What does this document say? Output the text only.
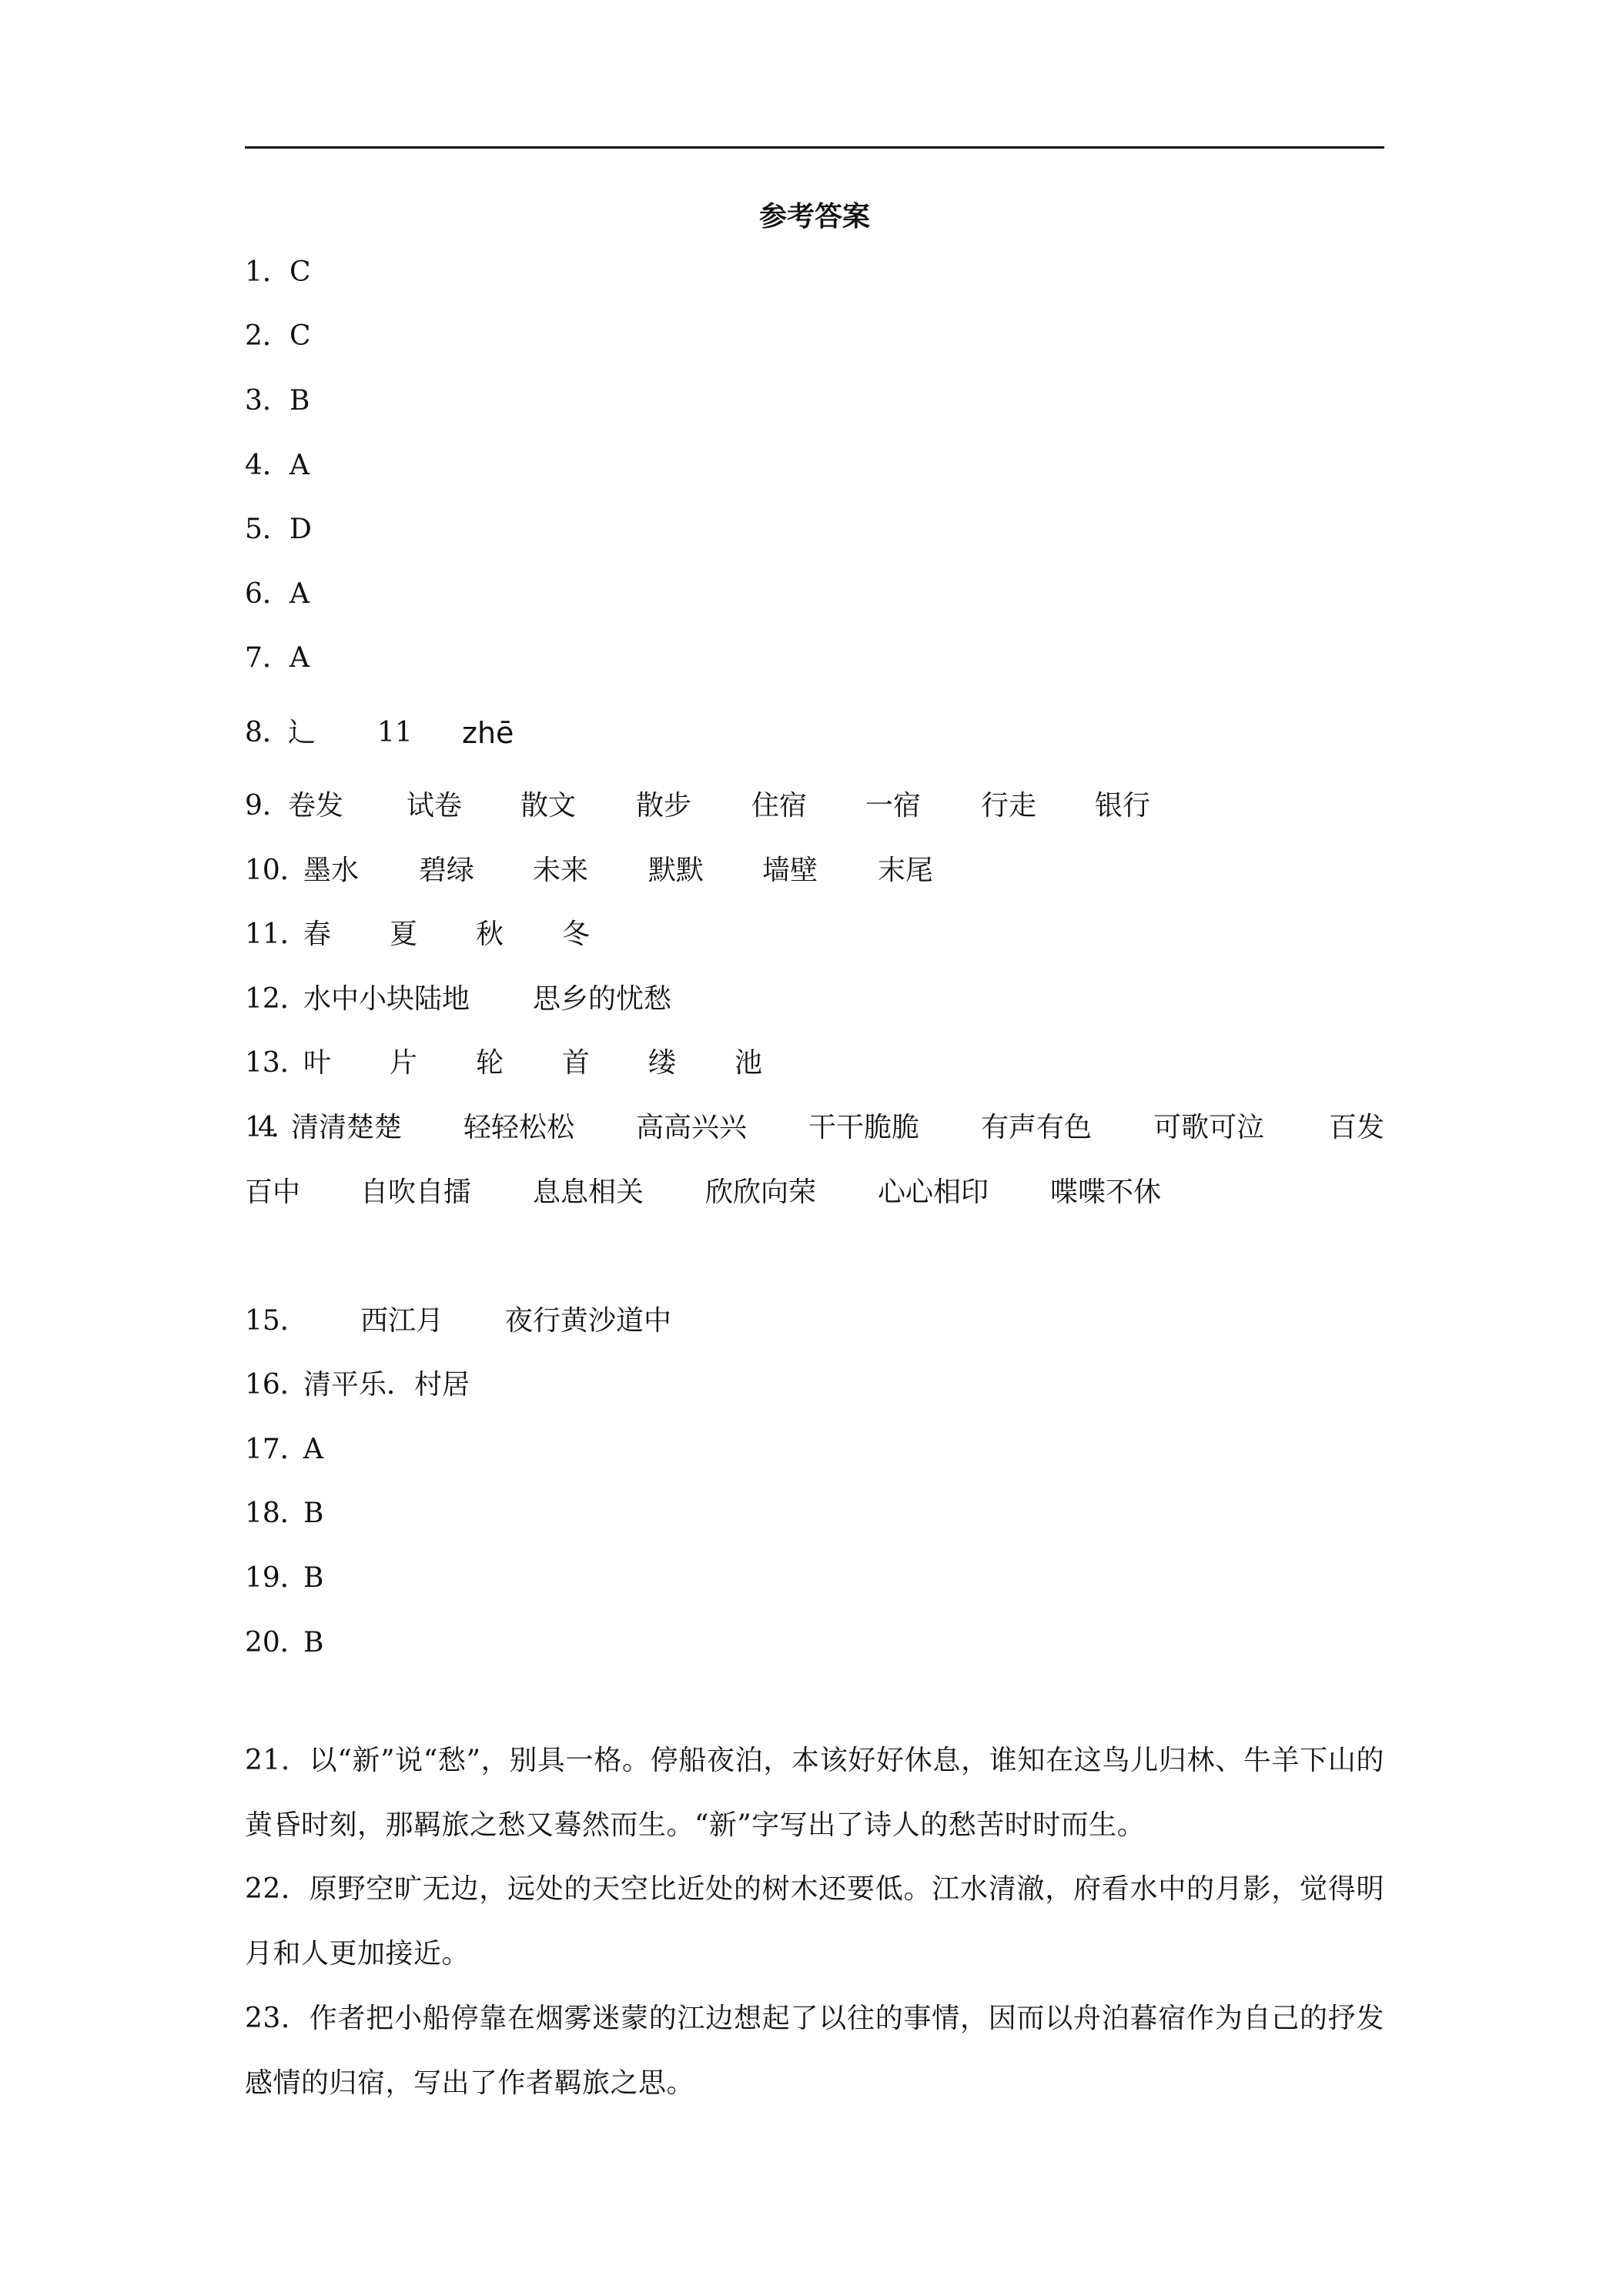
参考答案
1． C
2． C
3． B
4． A
5． D
6． A
7． A
8．
辶 11 zhē
9．
卷发 试卷 散文 散步 住宿 一宿 行走 银行
10．
墨水 碧绿 未来 默默 墙壁 末尾
11．
春 夏 秋 冬
12．
水中小块陆地 思乡的忧愁
13．
叶 片 轮 首 缕 池
14．
清清楚楚 轻轻松松 高高兴兴 干干脆脆 有声有色 可歌可泣 百发
百中 自吹自擂 息息相关 欣欣向荣 心心相印 喋喋不休
15． 西江月 夜行黄沙道中
16．
清平乐．村居
17．
A
18．
B
19．
B
20．
B
21．以“新”说“愁”，别具一格。停船夜泊，本该好好休息，谁知在这鸟儿归林、牛羊下山的黄昏时刻，那羁旅之愁又蓦然而生。“新”字写出了诗人的愁苦时时而生。
22．原野空旷无边，远处的天空比近处的树木还要低。江水清澈，府看水中的月影，觉得明月和人更加接近。
23．作者把小船停靠在烟雾迷蒙的江边想起了以往的事情，因而以舟泊暮宿作为自己的抒发感情的归宿，写出了作者羁旅之思。
